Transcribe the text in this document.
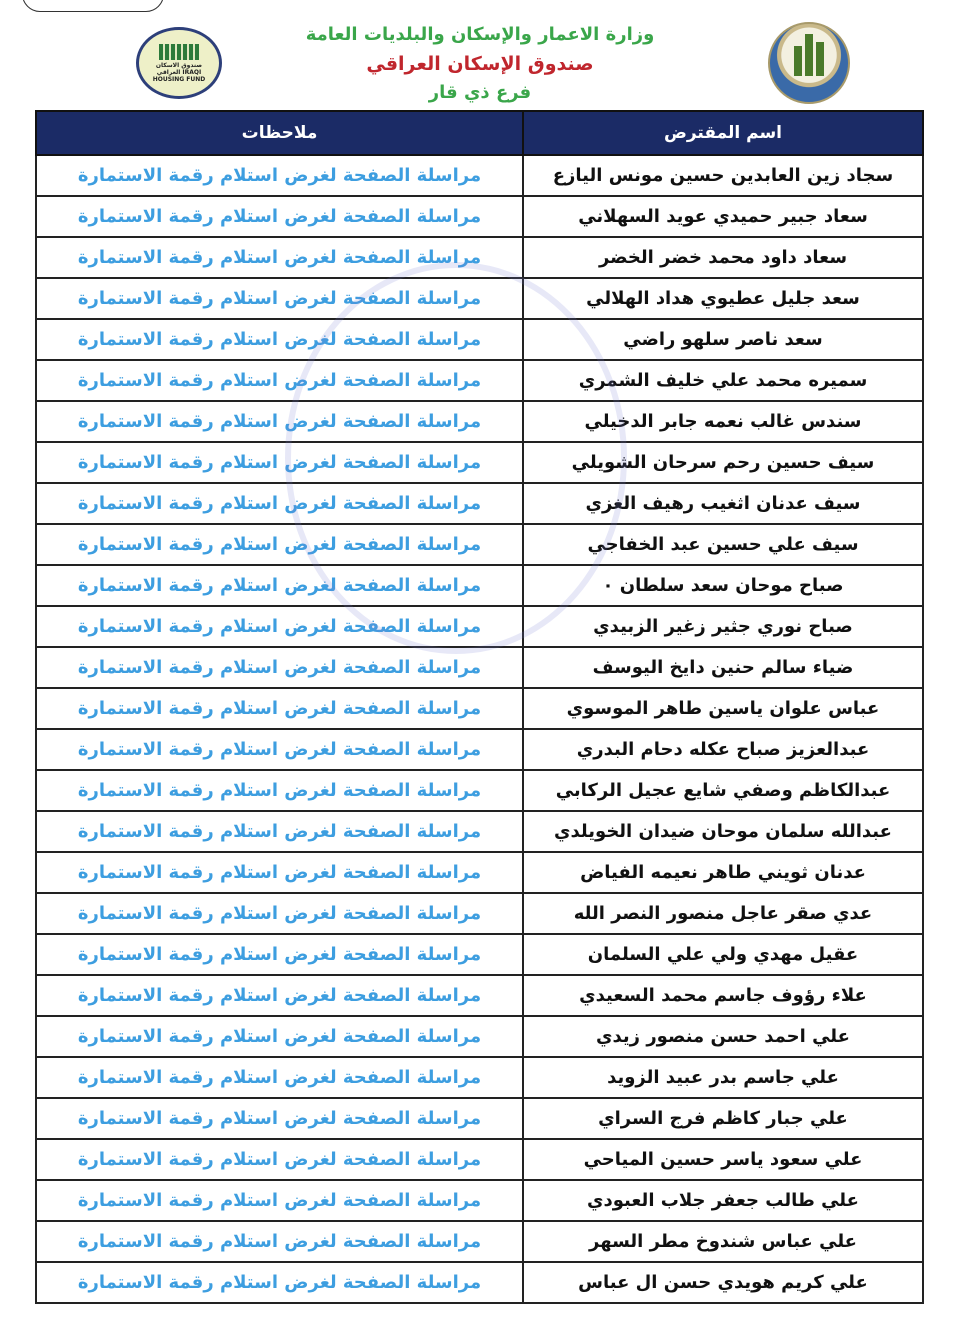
صندوق الاسكان العراقي IRAQI HOUSING FUND
وزارة الاعمار والإسكان والبلديات العامة
صندوق الإسكان العراقي
فرع ذي قار
اسم المقترض	ملاحظات
سجاد زين العابدين حسين مونس اليازع	مراسلة الصفحة لغرض استلام رقمة الاستمارة
سعاد جبير حميدي عويد السهلاني	مراسلة الصفحة لغرض استلام رقمة الاستمارة
سعاد داود محمد خضر الخضر	مراسلة الصفحة لغرض استلام رقمة الاستمارة
سعد جليل عطيوي هداد الهلالي	مراسلة الصفحة لغرض استلام رقمة الاستمارة
سعد ناصر سلهو راضي	مراسلة الصفحة لغرض استلام رقمة الاستمارة
سميره محمد علي خليف الشمري	مراسلة الصفحة لغرض استلام رقمة الاستمارة
سندس غالب نعمه جابر الدخيلي	مراسلة الصفحة لغرض استلام رقمة الاستمارة
سيف حسين رحم سرحان الشويلي	مراسلة الصفحة لغرض استلام رقمة الاستمارة
سيف عدنان اثغيب رهيف الغزي	مراسلة الصفحة لغرض استلام رقمة الاستمارة
سيف علي حسين عبد الخفاجي	مراسلة الصفحة لغرض استلام رقمة الاستمارة
صباح موحان سعد سلطان ٠	مراسلة الصفحة لغرض استلام رقمة الاستمارة
صباح نوري جثير زغير الزبيدي	مراسلة الصفحة لغرض استلام رقمة الاستمارة
ضياء سالم حنين دايخ اليوسف	مراسلة الصفحة لغرض استلام رقمة الاستمارة
عباس علوان ياسين طاهر الموسوي	مراسلة الصفحة لغرض استلام رقمة الاستمارة
عبدالعزيز صباح عكله دحام البدري	مراسلة الصفحة لغرض استلام رقمة الاستمارة
عبدالكاظم وصفي شايع عجيل الركابي	مراسلة الصفحة لغرض استلام رقمة الاستمارة
عبدالله سلمان موحان ضيدان الخويلدي	مراسلة الصفحة لغرض استلام رقمة الاستمارة
عدنان ثويني طاهر نعيمه الفياض	مراسلة الصفحة لغرض استلام رقمة الاستمارة
عدي صقر عاجل منصور النصر الله	مراسلة الصفحة لغرض استلام رقمة الاستمارة
عقيل مهدي ولي علي السلمان	مراسلة الصفحة لغرض استلام رقمة الاستمارة
علاء رؤوف جاسم محمد السعيدي	مراسلة الصفحة لغرض استلام رقمة الاستمارة
علي احمد حسن منصور زيدي	مراسلة الصفحة لغرض استلام رقمة الاستمارة
علي جاسم بدر عبيد الزويد	مراسلة الصفحة لغرض استلام رقمة الاستمارة
علي جبار كاظم فرج السراي	مراسلة الصفحة لغرض استلام رقمة الاستمارة
علي سعود ياسر حسين المياحي	مراسلة الصفحة لغرض استلام رقمة الاستمارة
علي طالب جعفر جلاب العبودي	مراسلة الصفحة لغرض استلام رقمة الاستمارة
علي عباس شندوخ مطر السهر	مراسلة الصفحة لغرض استلام رقمة الاستمارة
علي كريم هويدي حسن ال عباس	مراسلة الصفحة لغرض استلام رقمة الاستمارة
